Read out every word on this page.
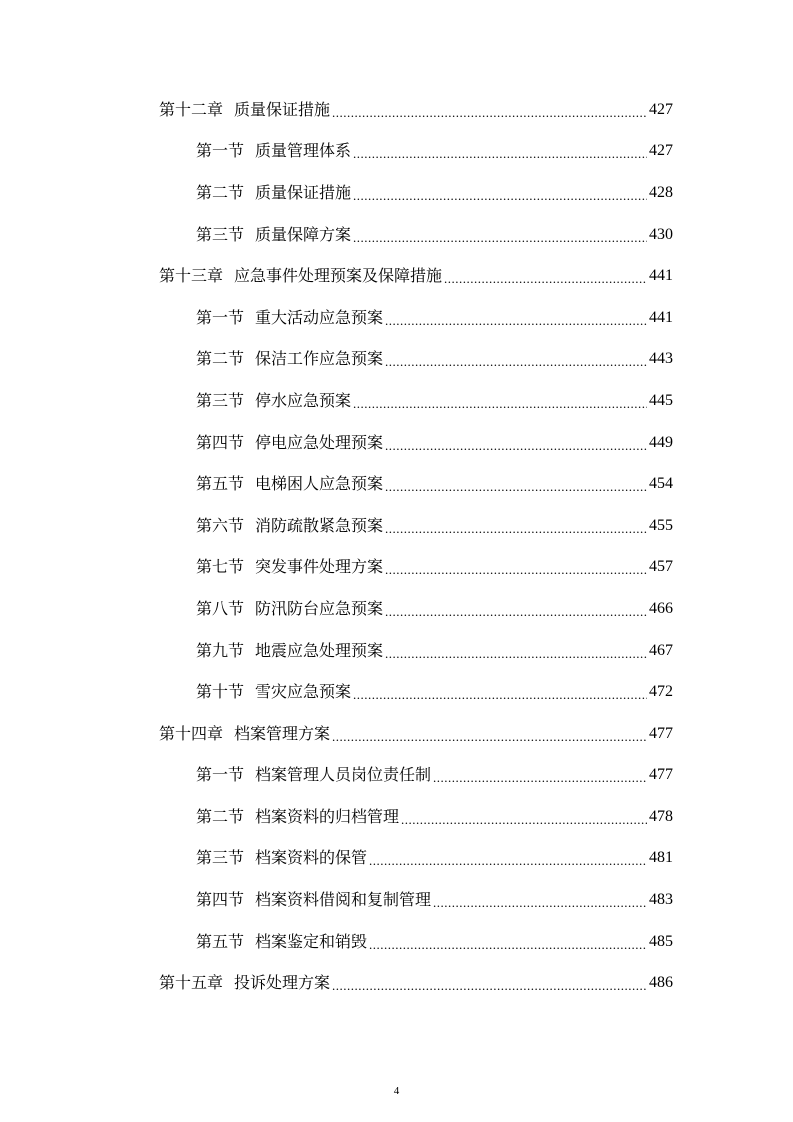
第十二章 质量保证措施 .....	427
第一节 质量管理体系 .....	427
第二节 质量保证措施 .....	428
第三节 质量保障方案 .....	430
第十三章 应急事件处理预案及保障措施 .....	441
第一节 重大活动应急预案 .....	441
第二节 保洁工作应急预案 .....	443
第三节 停水应急预案 .....	445
第四节 停电应急处理预案 .....	449
第五节 电梯困人应急预案 .....	454
第六节 消防疏散紧急预案 .....	455
第七节 突发事件处理方案 .....	457
第八节 防汛防台应急预案 .....	466
第九节 地震应急处理预案 .....	467
第十节 雪灾应急预案 .....	472
第十四章 档案管理方案 .....	477
第一节 档案管理人员岗位责任制 .....	477
第二节 档案资料的归档管理 .....	478
第三节 档案资料的保管 .....	481
第四节 档案资料借阅和复制管理 .....	483
第五节 档案鉴定和销毁 .....	485
第十五章 投诉处理方案 .....	486
4
